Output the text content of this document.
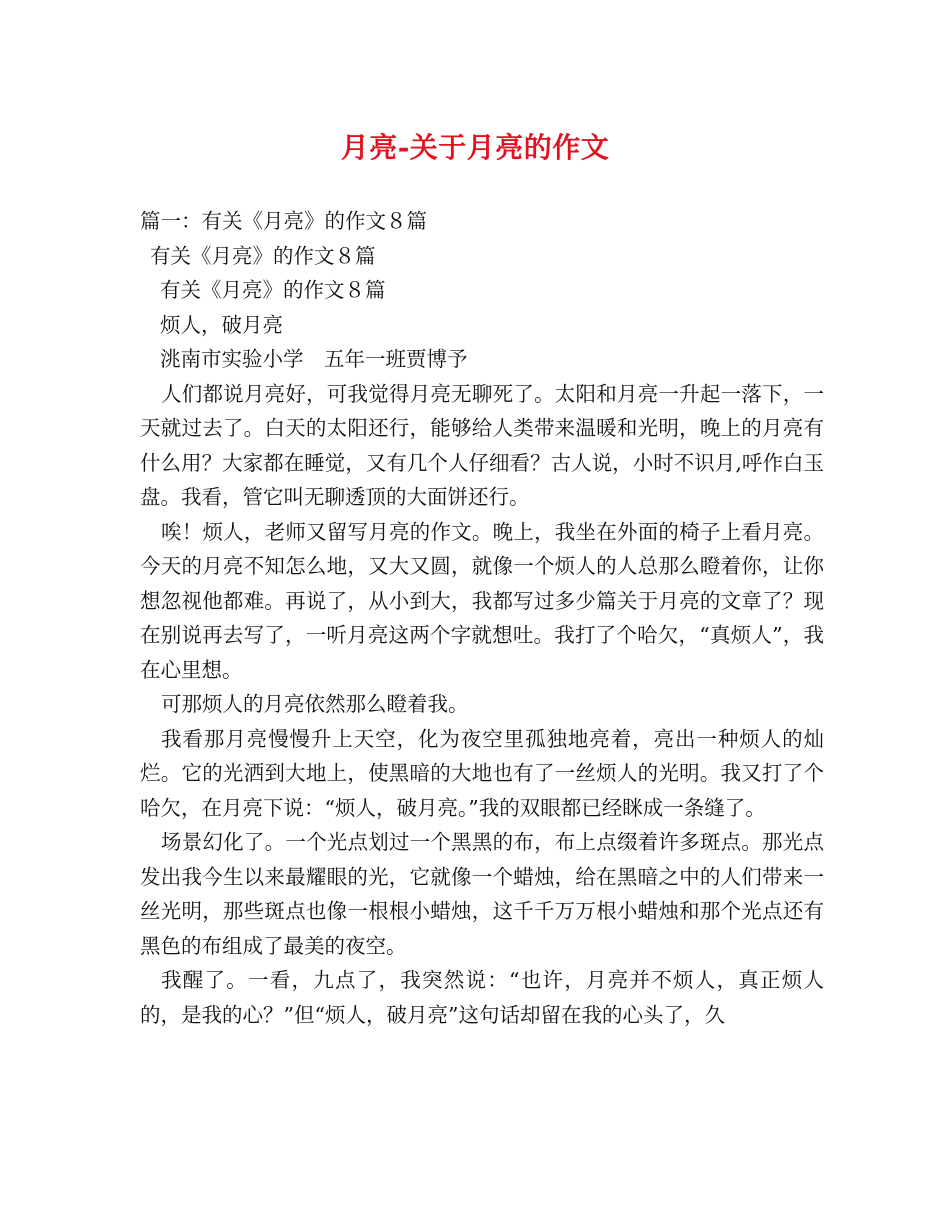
月亮-关于月亮的作文
篇一：有关《月亮》的作文８篇
有关《月亮》的作文８篇
有关《月亮》的作文８篇
烦人，破月亮
洮南市实验小学　五年一班贾博予
人们都说月亮好，可我觉得月亮无聊死了。太阳和月亮一升起一落下，一天就过去了。白天的太阳还行，能够给人类带来温暖和光明，晚上的月亮有什么用？大家都在睡觉，又有几个人仔细看？古人说，小时不识月,呼作白玉盘。我看，管它叫无聊透顶的大面饼还行。
唉！烦人，老师又留写月亮的作文。晚上，我坐在外面的椅子上看月亮。今天的月亮不知怎么地，又大又圆，就像一个烦人的人总那么瞪着你，让你想忽视他都难。再说了，从小到大，我都写过多少篇关于月亮的文章了？现在别说再去写了，一听月亮这两个字就想吐。我打了个哈欠，“真烦人”，我在心里想。
可那烦人的月亮依然那么瞪着我。
我看那月亮慢慢升上天空，化为夜空里孤独地亮着，亮出一种烦人的灿烂。它的光洒到大地上，使黑暗的大地也有了一丝烦人的光明。我又打了个哈欠，在月亮下说：“烦人，破月亮。”我的双眼都已经眯成一条缝了。
场景幻化了。一个光点划过一个黑黑的布，布上点缀着许多斑点。那光点发出我今生以来最耀眼的光，它就像一个蜡烛，给在黑暗之中的人们带来一丝光明，那些斑点也像一根根小蜡烛，这千千万万根小蜡烛和那个光点还有黑色的布组成了最美的夜空。
我醒了。一看，九点了，我突然说：“也许，月亮并不烦人，真正烦人的，是我的心？”但“烦人，破月亮”这句话却留在我的心头了，久
